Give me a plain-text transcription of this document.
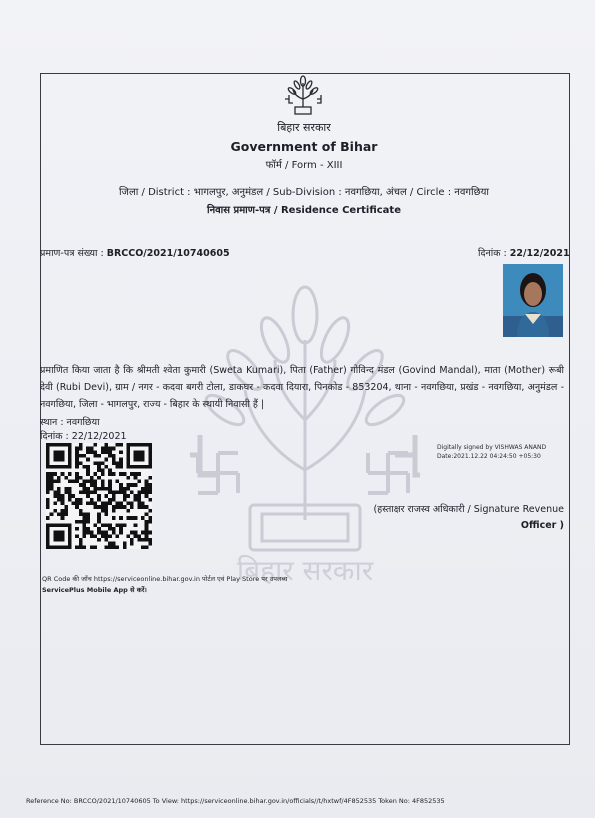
बिहार सरकार
बिहार सरकार
Government of Bihar
फॉर्म / Form - XIII
जिला / District : भागलपुर, अनुमंडल / Sub-Division : नवगछिया, अंचल / Circle : नवगछिया
निवास प्रमाण-पत्र / Residence Certificate
प्रमाण-पत्र संख्या : BRCCO/2021/10740605	दिनांक : 22/12/2021
प्रमाणित किया जाता है कि श्रीमती श्वेता कुमारी (Sweta Kumari), पिता (Father) गोविन्द मंडल (Govind Mandal), माता (Mother) रूबी देवी (Rubi Devi), ग्राम / नगर - कदवा बगरी टोला, डाकघर - कदवा दियारा, पिनकोड - 853204, थाना - नवगछिया, प्रखंड - नवगछिया, अनुमंडल - नवगछिया, जिला - भागलपुर, राज्य - बिहार के स्थायी निवासी हैं |
स्थान : नवगछिया
दिनांक : 22/12/2021
Digitally signed by VISHWAS ANAND
Date:2021.12.22 04:24:50 +05:30
(हस्ताक्षर राजस्व अधिकारी / Signature Revenue
Officer )
QR Code की जाँच https://serviceonline.bihar.gov.in पोर्टल एवं Play Store पर उपलब्ध
ServicePlus Mobile App से करें।
Reference No: BRCCO/2021/10740605 To View: https://serviceonline.bihar.gov.in/officials//t/hxtwf/4F852535 Token No: 4F852535
